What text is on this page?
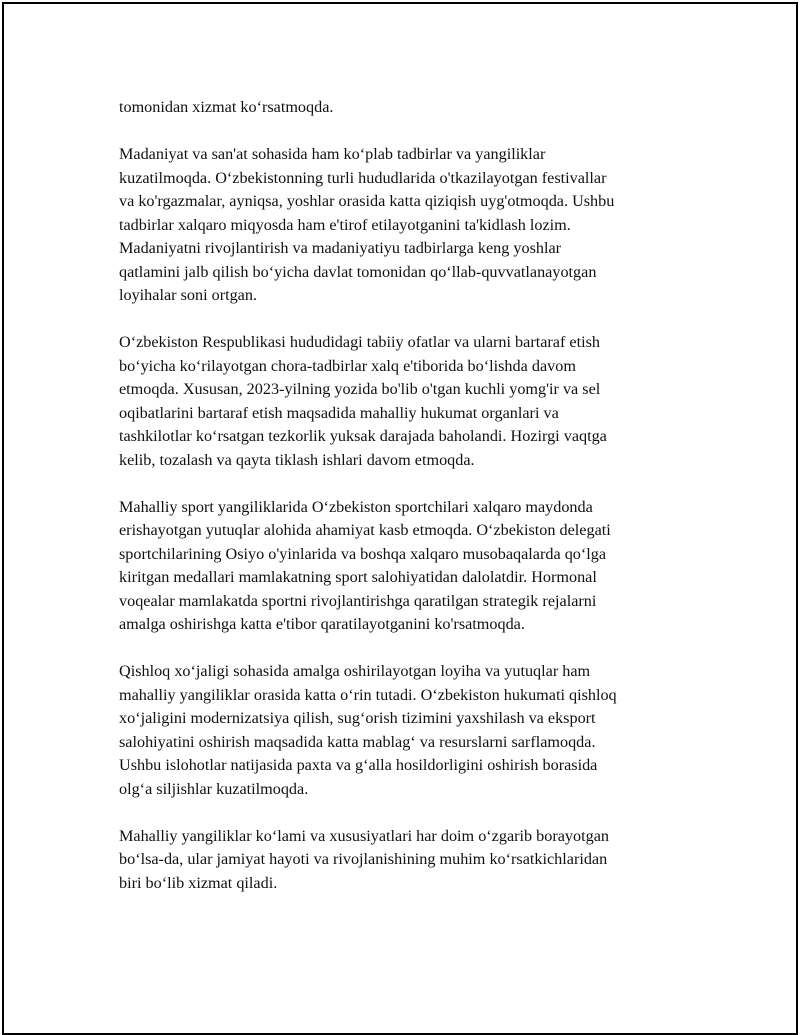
tomonidan xizmat ko‘rsatmoqda.

Madaniyat va san'at sohasida ham ko‘plab tadbirlar va yangiliklar
kuzatilmoqda. O‘zbekistonning turli hududlarida o'tkazilayotgan festivallar
va ko'rgazmalar, ayniqsa, yoshlar orasida katta qiziqish uyg'otmoqda. Ushbu
tadbirlar xalqaro miqyosda ham e'tirof etilayotganini ta'kidlash lozim.
Madaniyatni rivojlantirish va madaniyatiyu tadbirlarga keng yoshlar
qatlamini jalb qilish bo‘yicha davlat tomonidan qo‘llab-quvvatlanayotgan
loyihalar soni ortgan.

O‘zbekiston Respublikasi hududidagi tabiiy ofatlar va ularni bartaraf etish
bo‘yicha ko‘rilayotgan chora-tadbirlar xalq e'tiborida bo‘lishda davom
etmoqda. Xususan, 2023-yilning yozida bo'lib o'tgan kuchli yomg'ir va sel
oqibatlarini bartaraf etish maqsadida mahalliy hukumat organlari va
tashkilotlar ko‘rsatgan tezkorlik yuksak darajada baholandi. Hozirgi vaqtga
kelib, tozalash va qayta tiklash ishlari davom etmoqda.

Mahalliy sport yangiliklarida O‘zbekiston sportchilari xalqaro maydonda
erishayotgan yutuqlar alohida ahamiyat kasb etmoqda. O‘zbekiston delegati
sportchilarining Osiyo o'yinlarida va boshqa xalqaro musobaqalarda qo‘lga
kiritgan medallari mamlakatning sport salohiyatidan dalolatdir. Hormonal
voqealar mamlakatda sportni rivojlantirishga qaratilgan strategik rejalarni
amalga oshirishga katta e'tibor qaratilayotganini ko'rsatmoqda.

Qishloq xo‘jaligi sohasida amalga oshirilayotgan loyiha va yutuqlar ham
mahalliy yangiliklar orasida katta o‘rin tutadi. O‘zbekiston hukumati qishloq
xo‘jaligini modernizatsiya qilish, sug‘orish tizimini yaxshilash va eksport
salohiyatini oshirish maqsadida katta mablag‘ va resurslarni sarflamoqda.
Ushbu islohotlar natijasida paxta va g‘alla hosildorligini oshirish borasida
olg‘a siljishlar kuzatilmoqda.

Mahalliy yangiliklar ko‘lami va xususiyatlari har doim o‘zgarib borayotgan
bo‘lsa-da, ular jamiyat hayoti va rivojlanishining muhim ko‘rsatkichlaridan
biri bo‘lib xizmat qiladi.
